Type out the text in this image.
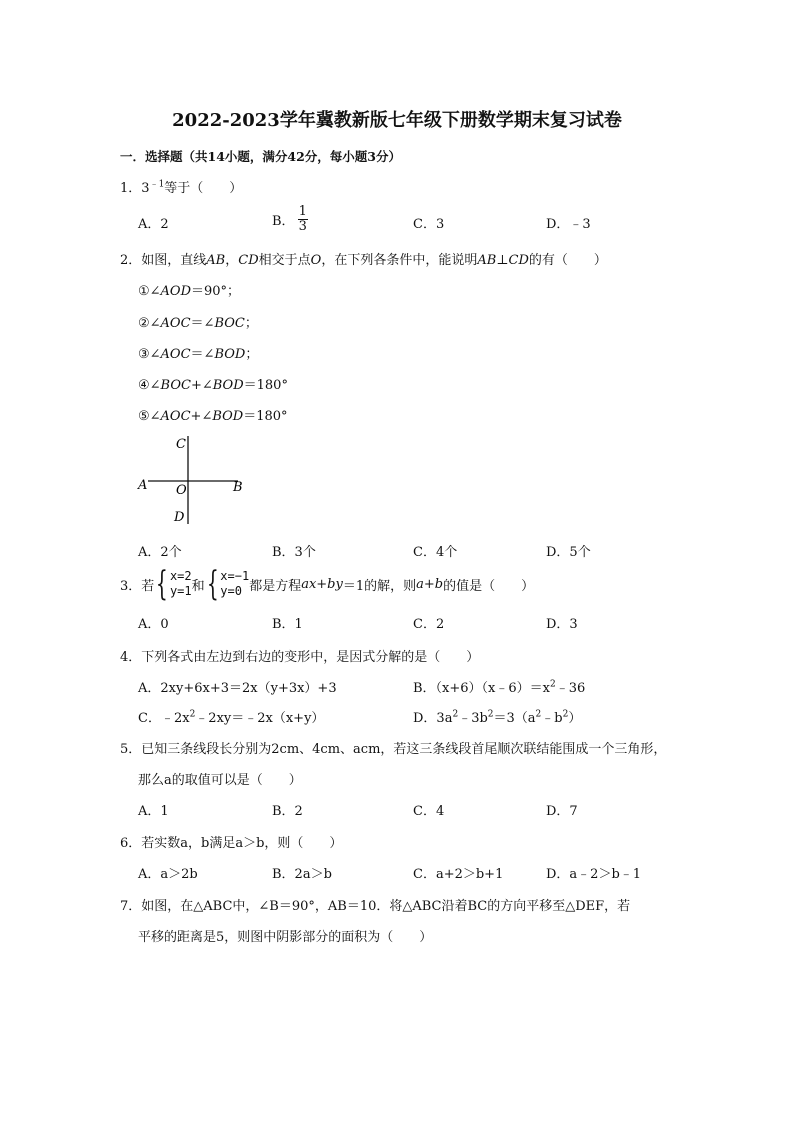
2022-2023学年冀教新版七年级下册数学期末复习试卷
一．选择题（共14小题，满分42分，每小题3分）
1．$3^{﹣1}$等于（　　）
A．2	B． $\frac{1}{3}$	C．3	D．﹣3
2．如图，直线AB，CD相交于点O，在下列各条件中，能说明AB⊥CD的有（　　）
①∠AOD＝90°；
②∠AOC＝∠BOC；
③∠AOC＝∠BOD；
④∠BOC+∠BOD＝180°
⑤∠AOC+∠BOD＝180°
C
A O	B
D
A．2个	B．3个	C．4个	D．5个
3． 若 { x=2
y=1 和 { x=−1
y=0 都是方程 ax+by ＝1的解，则 a+b 的值是（　　）
A．0	B．1	C．2	D．3
4．下列各式由左边到右边的变形中，是因式分解的是（　　）
A．2xy+6x+3＝2x（y+3x）+3	B．$(x+6)(x﹣6)=x^2﹣36$
C．$﹣2x^2﹣2xy=﹣2x(x+y)$	D．$3a^2﹣3b^2=3(a^2﹣b^2)$
5．已知三条线段长分别为2cm、4cm、acm，若这三条线段首尾顺次联结能围成一个三角形，
那么a的取值可以是（　　）
A．1	B．2	C．4	D．7
6．若实数a，b满足a＞b，则（　　）
A．a＞2b	B．2a＞b	C．a+2＞b+1	D．a﹣2＞b﹣1
7．如图，在△ABC中，∠B＝90°，AB＝10．将△ABC沿着BC的方向平移至△DEF，若
平移的距离是5，则图中阴影部分的面积为（　　）
